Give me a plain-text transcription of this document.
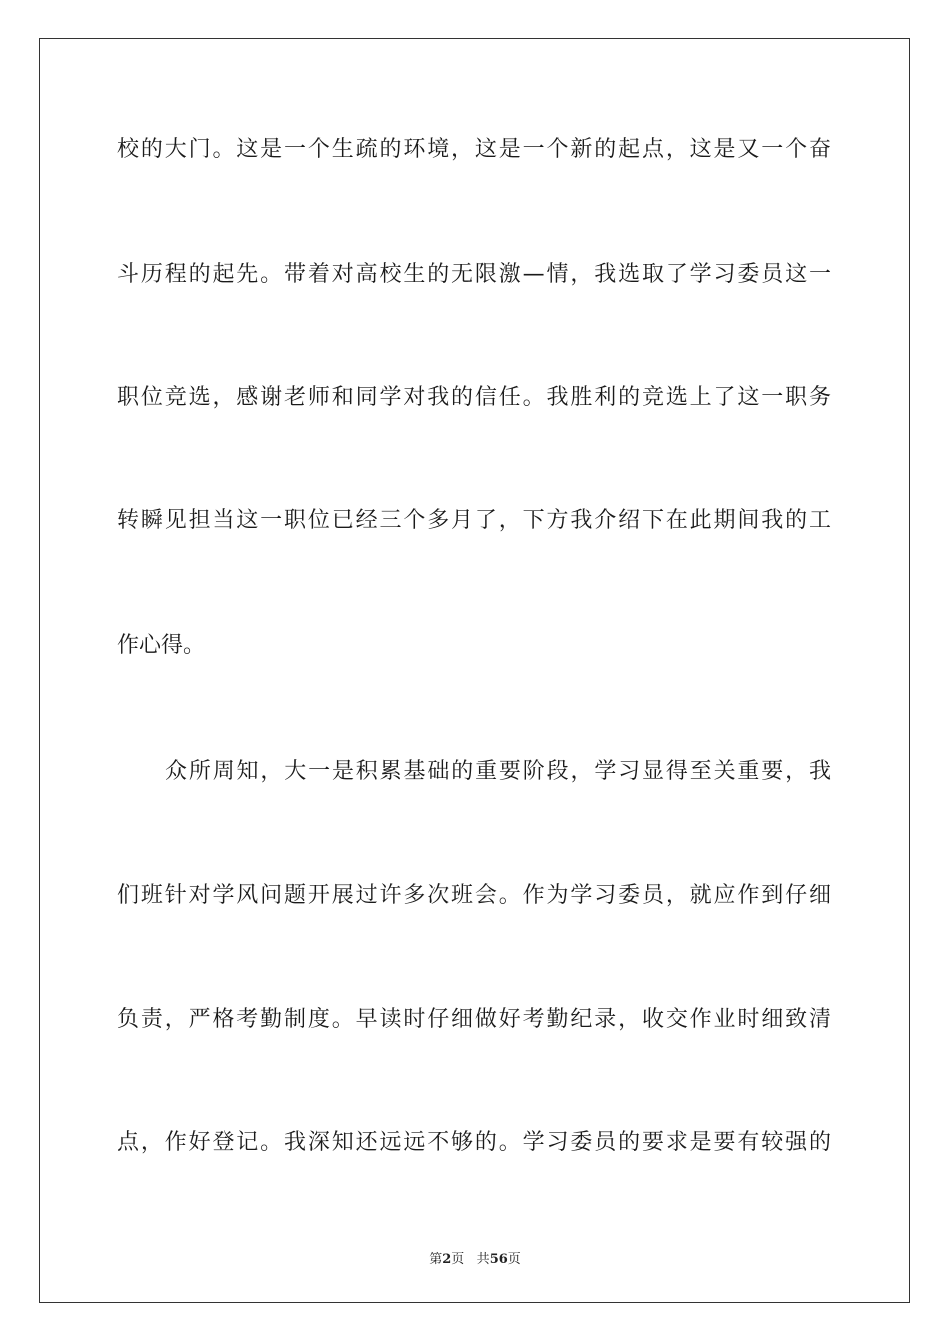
校的大门。这是一个生疏的环境，这是一个新的起点，这是又一个奋
斗历程的起先。带着对高校生的无限激—情，我选取了学习委员这一
职位竞选，感谢老师和同学对我的信任。我胜利的竞选上了这一职务
转瞬见担当这一职位已经三个多月了，下方我介绍下在此期间我的工
作心得。
众所周知，大一是积累基础的重要阶段，学习显得至关重要，我
们班针对学风问题开展过许多次班会。作为学习委员，就应作到仔细
负责，严格考勤制度。早读时仔细做好考勤纪录，收交作业时细致清
点，作好登记。我深知还远远不够的。学习委员的要求是要有较强的
第2页 共56页
